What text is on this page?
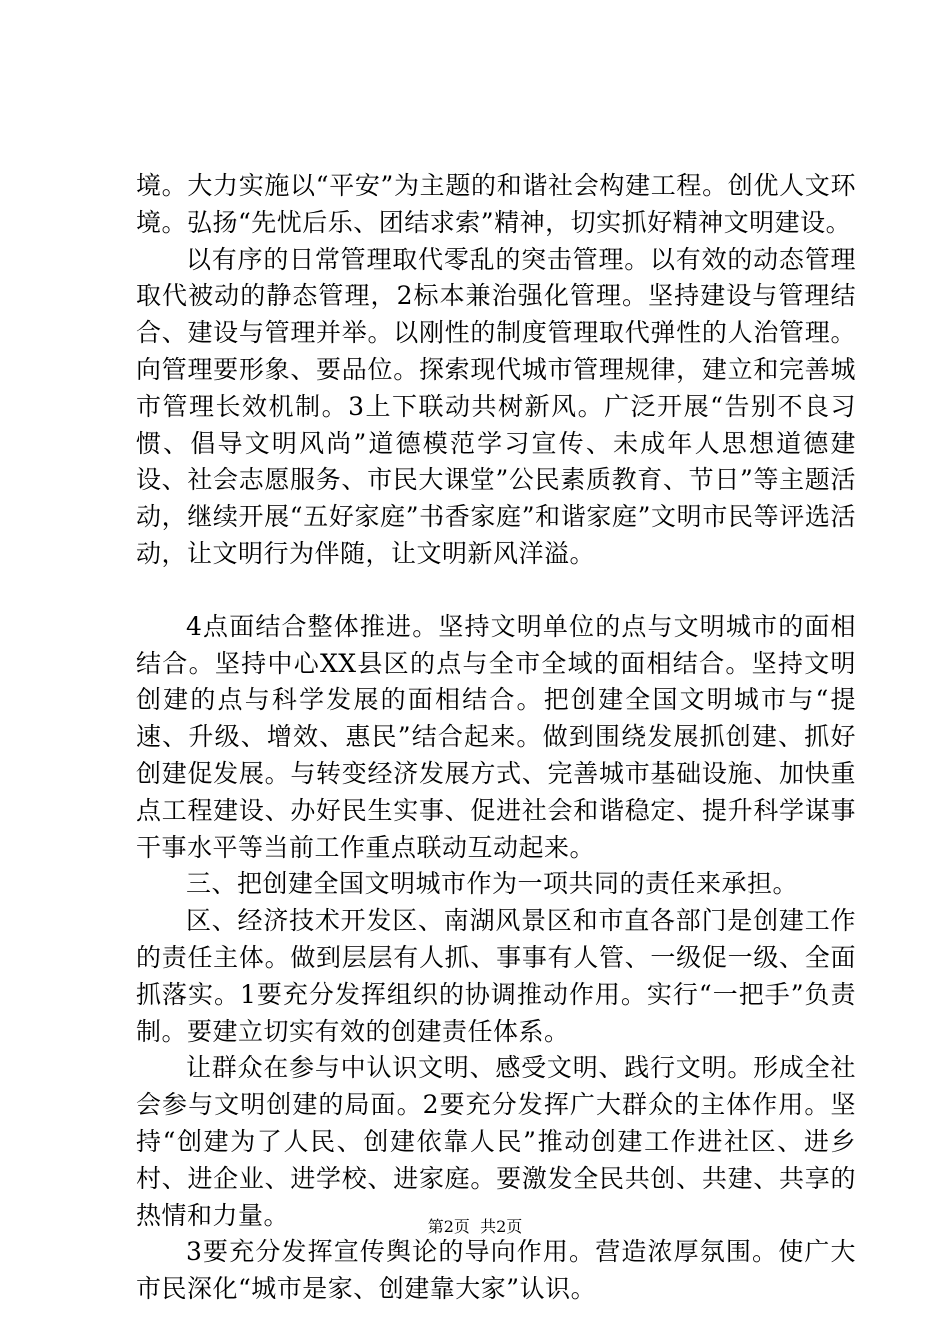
境。大力实施以“平安”为主题的和谐社会构建工程。创优人文环境。弘扬“先忧后乐、团结求索”精神，切实抓好精神文明建设。

以有序的日常管理取代零乱的突击管理。以有效的动态管理取代被动的静态管理，2标本兼治强化管理。坚持建设与管理结合、建设与管理并举。以刚性的制度管理取代弹性的人治管理。向管理要形象、要品位。探索现代城市管理规律，建立和完善城市管理长效机制。3上下联动共树新风。广泛开展“告别不良习惯、倡导文明风尚”道德模范学习宣传、未成年人思想道德建设、社会志愿服务、市民大课堂”公民素质教育、节日”等主题活动，继续开展“五好家庭”书香家庭”和谐家庭”文明市民等评选活动，让文明行为伴随，让文明新风洋溢。

4点面结合整体推进。坚持文明单位的点与文明城市的面相结合。坚持中心XX县区的点与全市全域的面相结合。坚持文明创建的点与科学发展的面相结合。把创建全国文明城市与“提速、升级、增效、惠民”结合起来。做到围绕发展抓创建、抓好创建促发展。与转变经济发展方式、完善城市基础设施、加快重点工程建设、办好民生实事、促进社会和谐稳定、提升科学谋事干事水平等当前工作重点联动互动起来。

三、把创建全国文明城市作为一项共同的责任来承担。

区、经济技术开发区、南湖风景区和市直各部门是创建工作的责任主体。做到层层有人抓、事事有人管、一级促一级、全面抓落实。1要充分发挥组织的协调推动作用。实行“一把手”负责制。要建立切实有效的创建责任体系。

让群众在参与中认识文明、感受文明、践行文明。形成全社会参与文明创建的局面。2要充分发挥广大群众的主体作用。坚持“创建为了人民、创建依靠人民”推动创建工作进社区、进乡村、进企业、进学校、进家庭。要激发全民共创、共建、共享的热情和力量。

3要充分发挥宣传舆论的导向作用。营造浓厚氛围。使广大市民深化“城市是家、创建靠大家”认识。

第2页  共2页
